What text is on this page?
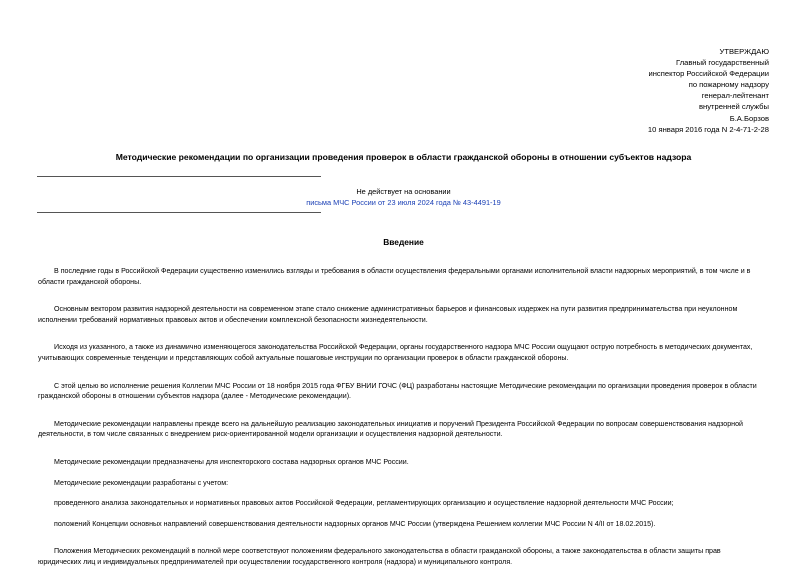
УТВЕРЖДАЮ
Главный государственный
инспектор Российской Федерации
по пожарному надзору
генерал-лейтенант
внутренней службы
Б.А.Борзов
10 января 2016 года N 2-4-71-2-28
Методические рекомендации по организации проведения проверок в области гражданской обороны в отношении субъектов надзора
Не действует на основании
письма МЧС России от 23 июля 2024 года № 43-4491-19
Введение

В последние годы в Российской Федерации существенно изменились взгляды и требования в области осуществления федеральными органами исполнительной власти надзорных мероприятий, в том числе и в
области гражданской обороны.

Основным вектором развития надзорной деятельности на современном этапе стало снижение административных барьеров и финансовых издержек на пути развития предпринимательства при неуклонном
исполнении требований нормативных правовых актов и обеспечении комплексной безопасности жизнедеятельности.

Исходя из указанного, а также из динамично изменяющегося законодательства Российской Федерации, органы государственного надзора МЧС России ощущают острую потребность в методических документах,
учитывающих современные тенденции и представляющих собой актуальные пошаговые инструкции по организации проверок в области гражданской обороны.

С этой целью во исполнение решения Коллегии МЧС России от 18 ноября 2015 года ФГБУ ВНИИ ГОЧС (ФЦ) разработаны настоящие Методические рекомендации по организации проведения проверок в области
гражданской обороны в отношении субъектов надзора (далее - Методические рекомендации).

Методические рекомендации направлены прежде всего на дальнейшую реализацию законодательных инициатив и поручений Президента Российской Федерации по вопросам совершенствования надзорной
деятельности, в том числе связанных с внедрением риск-ориентированной модели организации и осуществления надзорной деятельности.

Методические рекомендации предназначены для инспекторского состава надзорных органов МЧС России.

Методические рекомендации разработаны с учетом:

проведенного анализа законодательных и нормативных правовых актов Российской Федерации, регламентирующих организацию и осуществление надзорной деятельности МЧС России;

положений Концепции основных направлений совершенствования деятельности надзорных органов МЧС России (утверждена Решением коллегии МЧС России N 4/II от 18.02.2015).

Положения Методических рекомендаций в полной мере соответствуют положениям федерального законодательства в области гражданской обороны, а также законодательства в области защиты прав
юридических лиц и индивидуальных предпринимателей при осуществлении государственного контроля (надзора) и муниципального контроля.
